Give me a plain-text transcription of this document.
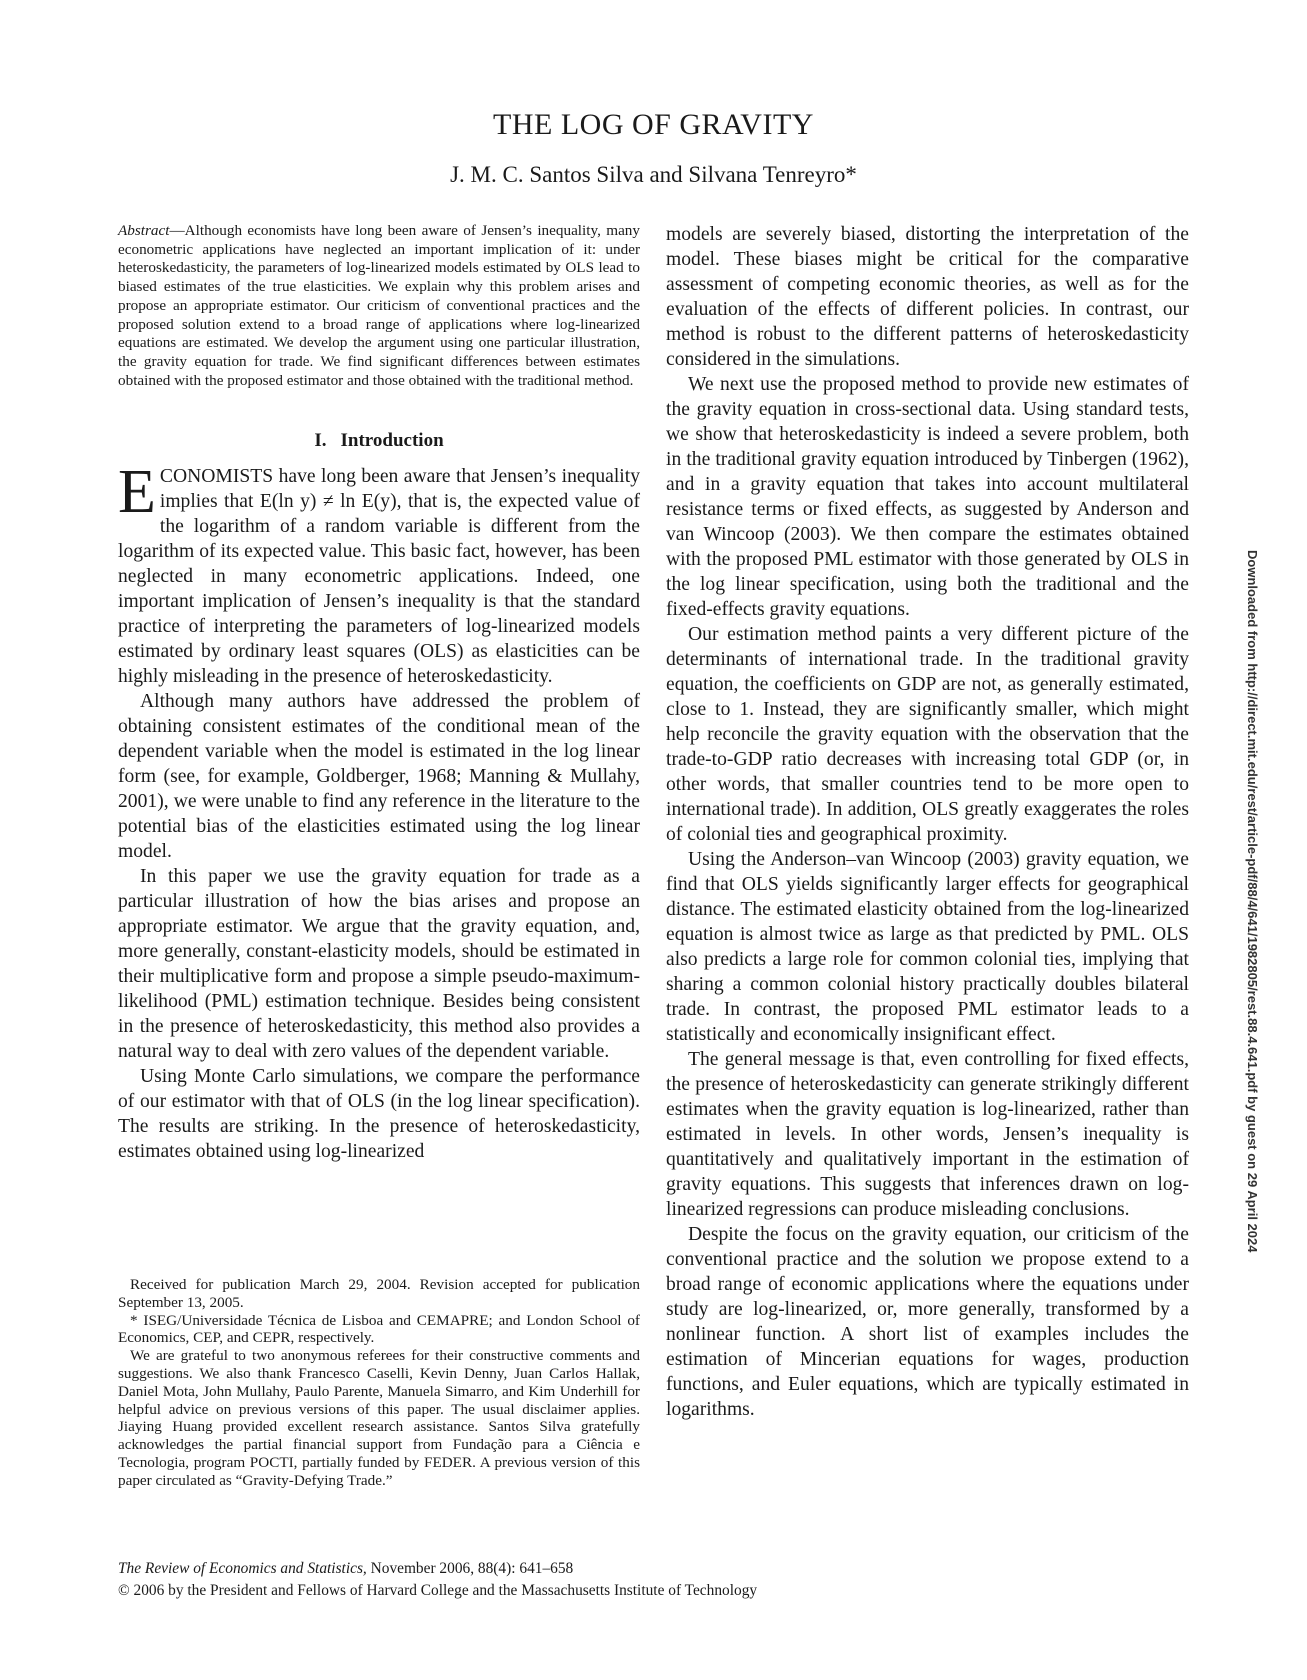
THE LOG OF GRAVITY
J. M. C. Santos Silva and Silvana Tenreyro*

Abstract—Although economists have long been aware of Jensen’s inequality, many econometric applications have neglected an important implication of it: under heteroskedasticity, the parameters of log-linearized models estimated by OLS lead to biased estimates of the true elasticities. We explain why this problem arises and propose an appropriate estimator. Our criticism of conventional practices and the proposed solution extend to a broad range of applications where log-linearized equations are estimated. We develop the argument using one particular illustration, the gravity equation for trade. We find significant differences between estimates obtained with the proposed estimator and those obtained with the traditional method.

I. Introduction

ECONOMISTS have long been aware that Jensen’s inequality implies that E(ln y) ≠ ln E(y), that is, the expected value of the logarithm of a random variable is different from the logarithm of its expected value. This basic fact, however, has been neglected in many econometric applications. Indeed, one important implication of Jensen’s inequality is that the standard practice of interpreting the parameters of log-linearized models estimated by ordinary least squares (OLS) as elasticities can be highly misleading in the presence of heteroskedasticity.

Although many authors have addressed the problem of obtaining consistent estimates of the conditional mean of the dependent variable when the model is estimated in the log linear form (see, for example, Goldberger, 1968; Manning & Mullahy, 2001), we were unable to find any reference in the literature to the potential bias of the elasticities estimated using the log linear model.

In this paper we use the gravity equation for trade as a particular illustration of how the bias arises and propose an appropriate estimator. We argue that the gravity equation, and, more generally, constant-elasticity models, should be estimated in their multiplicative form and propose a simple pseudo-maximum-likelihood (PML) estimation technique. Besides being consistent in the presence of heteroskedasticity, this method also provides a natural way to deal with zero values of the dependent variable.

Using Monte Carlo simulations, we compare the performance of our estimator with that of OLS (in the log linear specification). The results are striking. In the presence of heteroskedasticity, estimates obtained using log-linearized

models are severely biased, distorting the interpretation of the model. These biases might be critical for the comparative assessment of competing economic theories, as well as for the evaluation of the effects of different policies. In contrast, our method is robust to the different patterns of heteroskedasticity considered in the simulations.

We next use the proposed method to provide new estimates of the gravity equation in cross-sectional data. Using standard tests, we show that heteroskedasticity is indeed a severe problem, both in the traditional gravity equation introduced by Tinbergen (1962), and in a gravity equation that takes into account multilateral resistance terms or fixed effects, as suggested by Anderson and van Wincoop (2003). We then compare the estimates obtained with the proposed PML estimator with those generated by OLS in the log linear specification, using both the traditional and the fixed-effects gravity equations.

Our estimation method paints a very different picture of the determinants of international trade. In the traditional gravity equation, the coefficients on GDP are not, as generally estimated, close to 1. Instead, they are significantly smaller, which might help reconcile the gravity equation with the observation that the trade-to-GDP ratio decreases with increasing total GDP (or, in other words, that smaller countries tend to be more open to international trade). In addition, OLS greatly exaggerates the roles of colonial ties and geographical proximity.

Using the Anderson–van Wincoop (2003) gravity equation, we find that OLS yields significantly larger effects for geographical distance. The estimated elasticity obtained from the log-linearized equation is almost twice as large as that predicted by PML. OLS also predicts a large role for common colonial ties, implying that sharing a common colonial history practically doubles bilateral trade. In contrast, the proposed PML estimator leads to a statistically and economically insignificant effect.

The general message is that, even controlling for fixed effects, the presence of heteroskedasticity can generate strikingly different estimates when the gravity equation is log-linearized, rather than estimated in levels. In other words, Jensen’s inequality is quantitatively and qualitatively important in the estimation of gravity equations. This suggests that inferences drawn on log-linearized regressions can produce misleading conclusions.

Despite the focus on the gravity equation, our criticism of the conventional practice and the solution we propose extend to a broad range of economic applications where the equations under study are log-linearized, or, more generally, transformed by a nonlinear function. A short list of examples includes the estimation of Mincerian equations for wages, production functions, and Euler equations, which are typically estimated in logarithms.

Received for publication March 29, 2004. Revision accepted for publication September 13, 2005.

* ISEG/Universidade Técnica de Lisboa and CEMAPRE; and London School of Economics, CEP, and CEPR, respectively.

We are grateful to two anonymous referees for their constructive comments and suggestions. We also thank Francesco Caselli, Kevin Denny, Juan Carlos Hallak, Daniel Mota, John Mullahy, Paulo Parente, Manuela Simarro, and Kim Underhill for helpful advice on previous versions of this paper. The usual disclaimer applies. Jiaying Huang provided excellent research assistance. Santos Silva gratefully acknowledges the partial financial support from Fundação para a Ciência e Tecnologia, program POCTI, partially funded by FEDER. A previous version of this paper circulated as “Gravity-Defying Trade.”

The Review of Economics and Statistics, November 2006, 88(4): 641–658
© 2006 by the President and Fellows of Harvard College and the Massachusetts Institute of Technology
Downloaded from http://direct.mit.edu/rest/article-pdf/88/4/641/1982805/rest.88.4.641.pdf by guest on 29 April 2024
